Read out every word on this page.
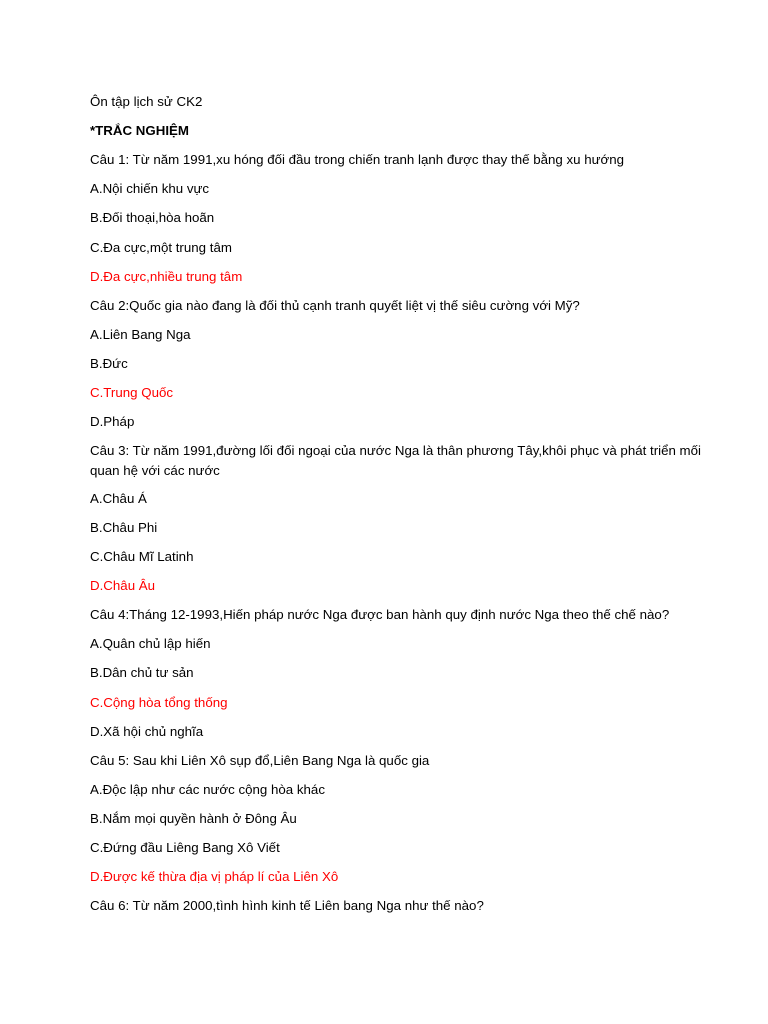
Ôn tập lịch sử CK2
*TRẮC NGHIỆM
Câu 1: Từ năm 1991,xu hóng đối đầu trong chiến tranh lạnh được thay thế bằng xu hướng
A.Nội chiến khu vực
B.Đối thoại,hòa hoãn
C.Đa cực,một trung tâm
D.Đa cực,nhiều trung tâm
Câu 2:Quốc gia nào đang là đối thủ cạnh tranh quyết liệt vị thế siêu cường với Mỹ?
A.Liên Bang Nga
B.Đức
C.Trung Quốc
D.Pháp
Câu 3: Từ năm 1991,đường lối đối ngoại của nước Nga là thân phương Tây,khôi phục và phát triển mối
quan hệ với các nước
A.Châu Á
B.Châu Phi
C.Châu Mĩ Latinh
D.Châu Âu
Câu 4:Tháng 12-1993,Hiến pháp nước Nga được ban hành quy định nước Nga theo thế chế nào?
A.Quân chủ lập hiến
B.Dân chủ tư sản
C.Cộng hòa tổng thống
D.Xã hội chủ nghĩa
Câu 5: Sau khi Liên Xô sụp đổ,Liên Bang Nga là quốc gia
A.Độc lập như các nước cộng hòa khác
B.Nắm mọi quyền hành ở Đông Âu
C.Đứng đầu Liêng Bang Xô Viết
D.Được kế thừa địa vị pháp lí của Liên Xô
Câu 6: Từ năm 2000,tình hình kinh tế Liên bang Nga như thế nào?
